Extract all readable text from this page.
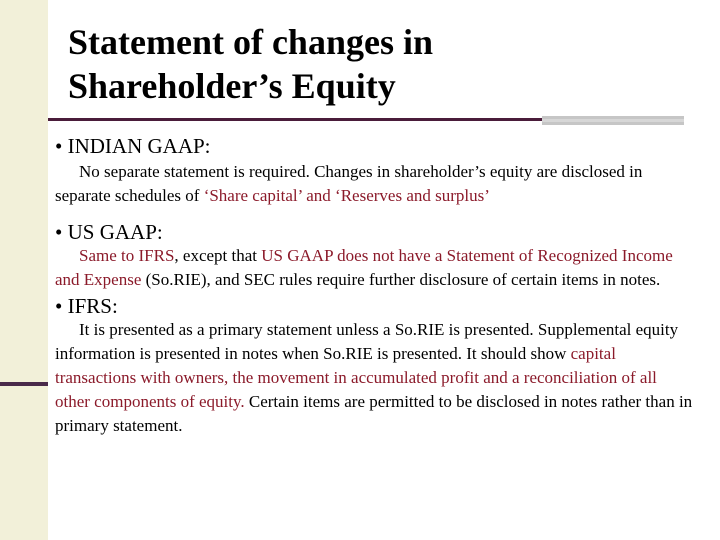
Statement of changes in
Shareholder’s Equity

• INDIAN GAAP:

No separate statement is required. Changes in shareholder’s equity are disclosed in separate schedules of ‘Share capital’ and ‘Reserves and surplus’

• US GAAP:

Same to IFRS, except that US GAAP does not have a Statement of Recognized Income and Expense (So.RIE), and SEC rules require further disclosure of certain items in notes.

• IFRS:

It is presented as a primary statement unless a So.RIE is presented. Supplemental equity information is presented in notes when So.RIE is presented. It should show capital transactions with owners, the movement in accumulated profit and a reconciliation of all other components of equity. Certain items are permitted to be disclosed in notes rather than in primary statement.
